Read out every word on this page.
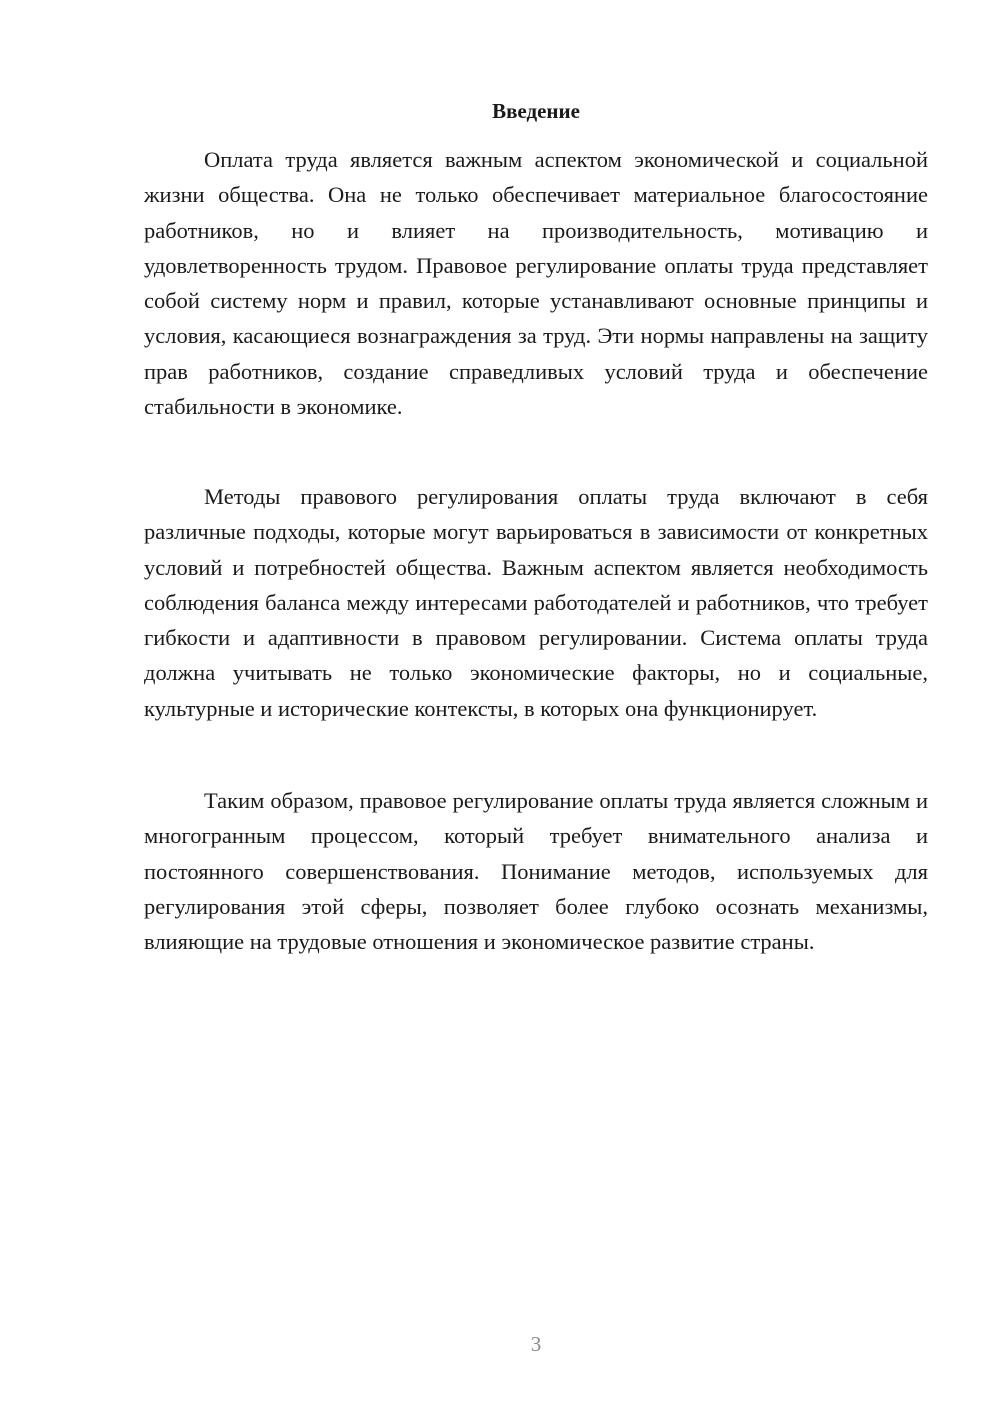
Введение

Оплата труда является важным аспектом экономической и социальной жизни общества. Она не только обеспечивает материальное благосостояние работников, но и влияет на производительность, мотивацию и удовлетворенность трудом. Правовое регулирование оплаты труда представляет собой систему норм и правил, которые устанавливают основные принципы и условия, касающиеся вознаграждения за труд. Эти нормы направлены на защиту прав работников, создание справедливых условий труда и обеспечение стабильности в экономике.

Методы правового регулирования оплаты труда включают в себя различные подходы, которые могут варьироваться в зависимости от конкретных условий и потребностей общества. Важным аспектом является необходимость соблюдения баланса между интересами работодателей и работников, что требует гибкости и адаптивности в правовом регулировании. Система оплаты труда должна учитывать не только экономические факторы, но и социальные, культурные и исторические контексты, в которых она функционирует.

Таким образом, правовое регулирование оплаты труда является сложным и многогранным процессом, который требует внимательного анализа и постоянного совершенствования. Понимание методов, используемых для регулирования этой сферы, позволяет более глубоко осознать механизмы, влияющие на трудовые отношения и экономическое развитие страны.

3
